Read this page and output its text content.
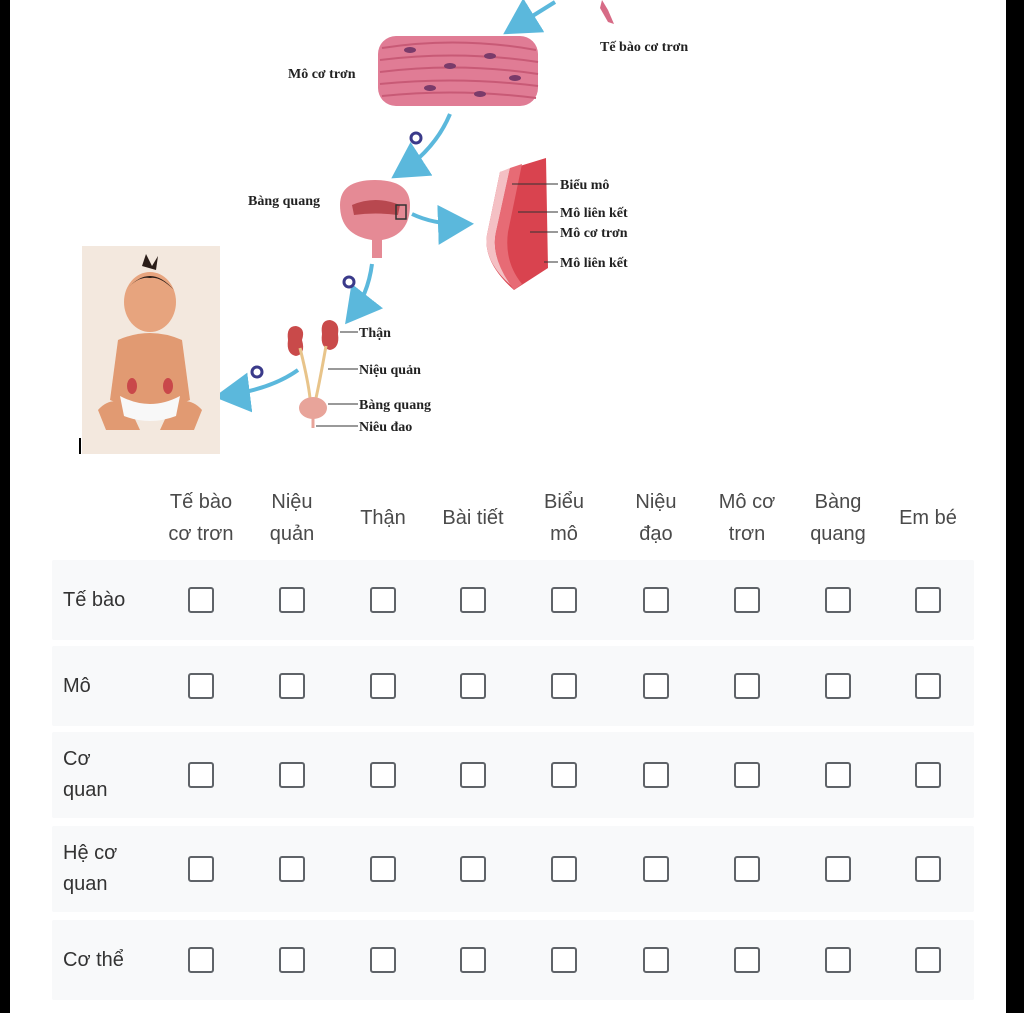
Tế bào cơ trơn
Mô cơ trơn
Bàng quang
Biểu mô
Mô liên kết
Mô cơ trơn
Mô liên kết
Thận
Niệu quản
Bàng quang
Niêu đao
Tế bào
cơ trơn
Niệu
quản
Thận Bài tiết
Biểu
mô
Niệu
đạo
Mô cơ
trơn
Bàng
quang
Em bé
Tế bào
Mô
Cơ
quan
Hệ cơ
quan
Cơ thể
